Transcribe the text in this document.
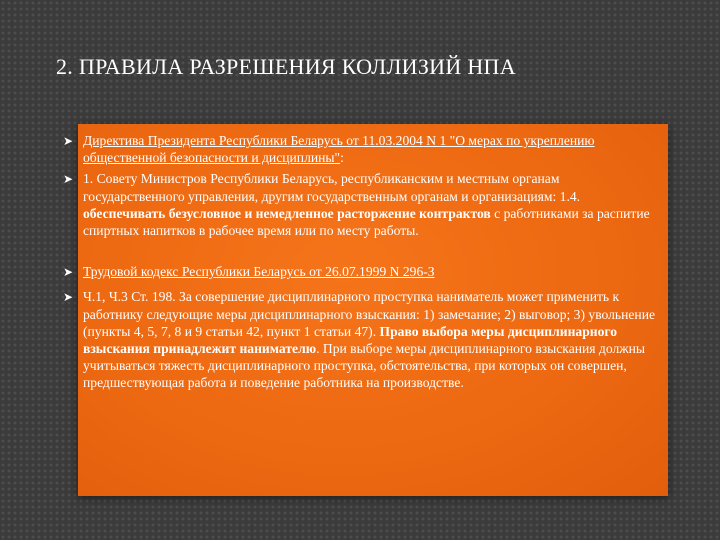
2. ПРАВИЛА РАЗРЕШЕНИЯ КОЛЛИЗИЙ НПА
➤ Директива Президента Республики Беларусь от 11.03.2004 N 1 "О мерах по укреплению общественной безопасности и дисциплины":
➤ 1. Совету Министров Республики Беларусь, республиканским и местным органам государственного управления, другим государственным органам и организациям: 1.4. обеспечивать безусловное и немедленное расторжение контрактов с работниками за распитие спиртных напитков в рабочее время или по месту работы.
➤ Трудовой кодекс Республики Беларусь от 26.07.1999 N 296-З
➤ Ч.1, Ч.3 Ст. 198. За совершение дисциплинарного проступка наниматель может применить к работнику следующие меры дисциплинарного взыскания: 1) замечание; 2) выговор; 3) увольнение (пункты 4, 5, 7, 8 и 9 статьи 42, пункт 1 статьи 47). Право выбора меры дисциплинарного взыскания принадлежит нанимателю. При выборе меры дисциплинарного взыскания должны учитываться тяжесть дисциплинарного проступка, обстоятельства, при которых он совершен, предшествующая работа и поведение работника на производстве.
